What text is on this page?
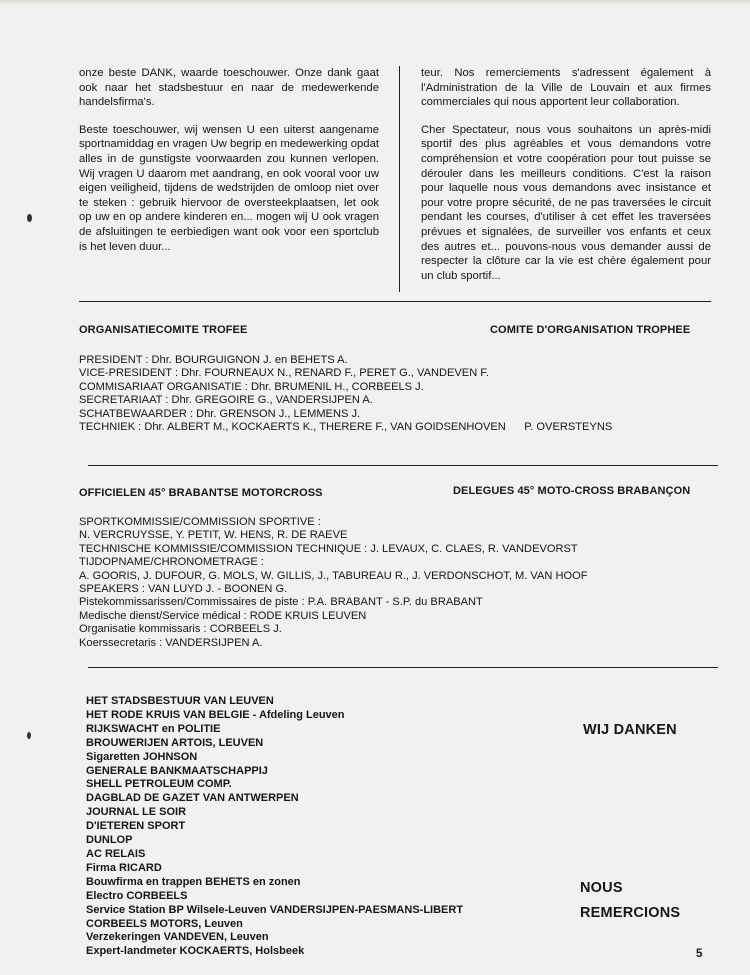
onze beste DANK, waarde toeschouwer. Onze dank gaat ook naar het stadsbestuur en naar de medewerkende handelsfirma's.

Beste toeschouwer, wij wensen U een uiterst aangename sportnamiddag en vragen Uw begrip en medewerking opdat alles in de gunstigste voorwaarden zou kunnen verlopen. Wij vragen U daarom met aandrang, en ook vooral voor uw eigen veiligheid, tijdens de wedstrijden de omloop niet over te steken : gebruik hiervoor de oversteekplaatsen, let ook op uw en op andere kinderen en... mogen wij U ook vragen de afsluitingen te eerbiedigen want ook voor een sportclub is het leven duur...

teur. Nos remerciements s'adressent également à l'Administration de la Ville de Louvain et aux firmes commerciales qui nous apportent leur collaboration.

Cher Spectateur, nous vous souhaitons un après-midi sportif des plus agréables et vous demandons votre compréhension et votre coopération pour tout puisse se dérouler dans les meilleurs conditions. C'est la raison pour laquelle nous vous demandons avec insistance et pour votre propre sécurité, de ne pas traversées le circuit pendant les courses, d'utiliser à cet effet les traversées prévues et signalées, de surveiller vos enfants et ceux des autres et... pouvons-nous vous demander aussi de respecter la clôture car la vie est chère également pour un club sportif...

ORGANISATIECOMITE TROFEE	COMITE D'ORGANISATION TROPHEE
PRESIDENT : Dhr. BOURGUIGNON J. en BEHETS A.
VICE-PRESIDENT : Dhr. FOURNEAUX N., RENARD F., PERET G., VANDEVEN F.
COMMISARIAAT ORGANISATIE : Dhr. BRUMENIL H., CORBEELS J.
SECRETARIAAT : Dhr. GREGOIRE G., VANDERSIJPEN A.
SCHATBEWAARDER : Dhr. GRENSON J., LEMMENS J.
TECHNIEK : Dhr. ALBERT M., KOCKAERTS K., THERERE F., VAN GOIDSENHOVEN      P. OVERSTEYNS
OFFICIELEN 45° BRABANTSE MOTORCROSS	DELEGUES 45° MOTO-CROSS BRABANÇON
SPORTKOMMISSIE/COMMISSION SPORTIVE :
N. VERCRUYSSE, Y. PETIT, W. HENS, R. DE RAEVE
TECHNISCHE KOMMISSIE/COMMISSION TECHNIQUE : J. LEVAUX, C. CLAES, R. VANDEVORST
TIJDOPNAME/CHRONOMETRAGE :
A. GOORIS, J. DUFOUR, G. MOLS, W. GILLIS, J., TABUREAU R., J. VERDONSCHOT, M. VAN HOOF
SPEAKERS : VAN LUYD J. - BOONEN G.
Pistekommissarissen/Commissaires de piste : P.A. BRABANT - S.P. du BRABANT
Medische dienst/Service médical : RODE KRUIS LEUVEN
Organisatie kommissaris : CORBEELS J.
Koerssecretaris : VANDERSIJPEN A.
HET STADSBESTUUR VAN LEUVEN
HET RODE KRUIS VAN BELGIE - Afdeling Leuven
RIJKSWACHT en POLITIE
BROUWERIJEN ARTOIS, LEUVEN
Sigaretten JOHNSON
GENERALE BANKMAATSCHAPPIJ
SHELL PETROLEUM COMP.
DAGBLAD DE GAZET VAN ANTWERPEN
JOURNAL LE SOIR
D'IETEREN SPORT
DUNLOP
AC RELAIS
Firma RICARD
Bouwfirma en trappen BEHETS en zonen
Electro CORBEELS
Service Station BP Wilsele-Leuven VANDERSIJPEN-PAESMANS-LIBERT
CORBEELS MOTORS, Leuven
Verzekeringen VANDEVEN, Leuven
Expert-landmeter KOCKAERTS, Holsbeek
WIJ DANKEN
NOUS
REMERCIONS
5
